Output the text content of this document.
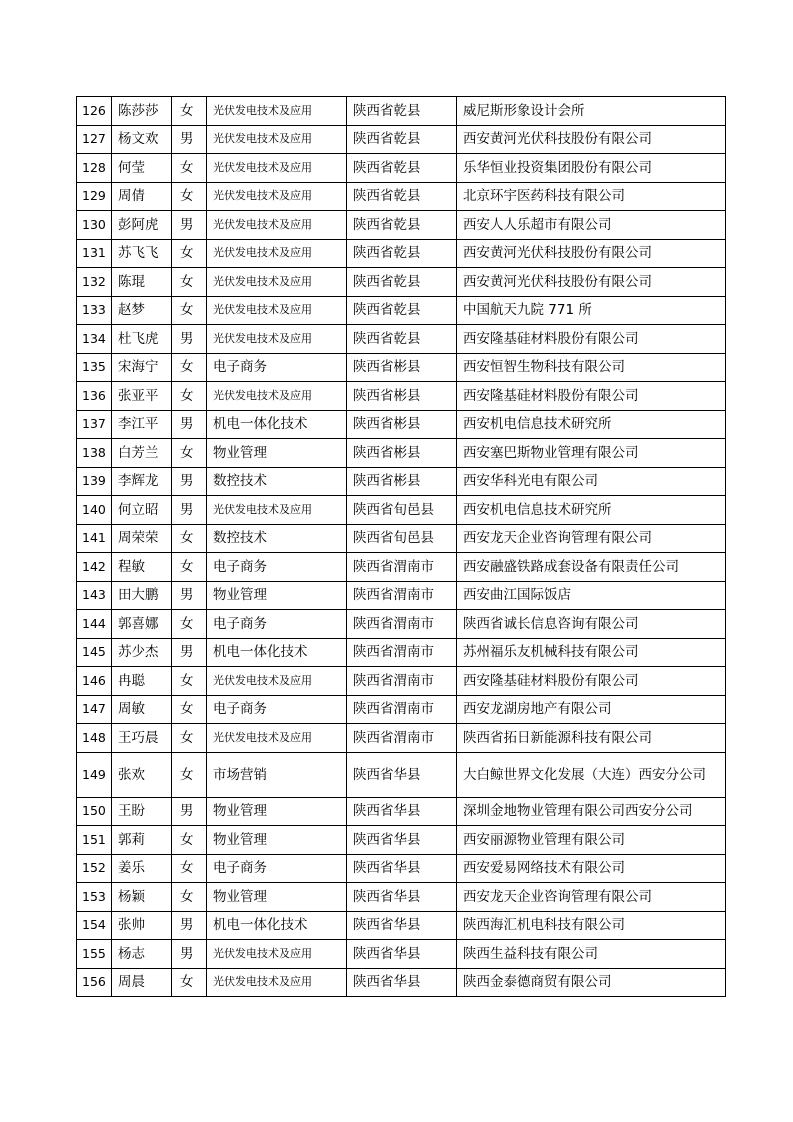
126	陈莎莎	女	光伏发电技术及应用	陕西省乾县	威尼斯形象设计会所
127	杨文欢	男	光伏发电技术及应用	陕西省乾县	西安黄河光伏科技股份有限公司
128	何莹	女	光伏发电技术及应用	陕西省乾县	乐华恒业投资集团股份有限公司
129	周倩	女	光伏发电技术及应用	陕西省乾县	北京环宇医药科技有限公司
130	彭阿虎	男	光伏发电技术及应用	陕西省乾县	西安人人乐超市有限公司
131	苏飞飞	女	光伏发电技术及应用	陕西省乾县	西安黄河光伏科技股份有限公司
132	陈琨	女	光伏发电技术及应用	陕西省乾县	西安黄河光伏科技股份有限公司
133	赵梦	女	光伏发电技术及应用	陕西省乾县	中国航天九院 771 所
134	杜飞虎	男	光伏发电技术及应用	陕西省乾县	西安隆基硅材料股份有限公司
135	宋海宁	女	电子商务	陕西省彬县	西安恒智生物科技有限公司
136	张亚平	女	光伏发电技术及应用	陕西省彬县	西安隆基硅材料股份有限公司
137	李江平	男	机电一体化技术	陕西省彬县	西安机电信息技术研究所
138	白芳兰	女	物业管理	陕西省彬县	西安塞巴斯物业管理有限公司
139	李辉龙	男	数控技术	陕西省彬县	西安华科光电有限公司
140	何立昭	男	光伏发电技术及应用	陕西省旬邑县	西安机电信息技术研究所
141	周荣荣	女	数控技术	陕西省旬邑县	西安龙天企业咨询管理有限公司
142	程敏	女	电子商务	陕西省渭南市	西安融盛铁路成套设备有限责任公司
143	田大鹏	男	物业管理	陕西省渭南市	西安曲江国际饭店
144	郭喜娜	女	电子商务	陕西省渭南市	陕西省诚长信息咨询有限公司
145	苏少杰	男	机电一体化技术	陕西省渭南市	苏州福乐友机械科技有限公司
146	冉聪	女	光伏发电技术及应用	陕西省渭南市	西安隆基硅材料股份有限公司
147	周敏	女	电子商务	陕西省渭南市	西安龙湖房地产有限公司
148	王巧晨	女	光伏发电技术及应用	陕西省渭南市	陕西省拓日新能源科技有限公司
149	张欢	女	市场营销	陕西省华县	大白鲸世界文化发展（大连）西安分公司
150	王盼	男	物业管理	陕西省华县	深圳金地物业管理有限公司西安分公司
151	郭莉	女	物业管理	陕西省华县	西安丽源物业管理有限公司
152	姜乐	女	电子商务	陕西省华县	西安爱易网络技术有限公司
153	杨颖	女	物业管理	陕西省华县	西安龙天企业咨询管理有限公司
154	张帅	男	机电一体化技术	陕西省华县	陕西海汇机电科技有限公司
155	杨志	男	光伏发电技术及应用	陕西省华县	陕西生益科技有限公司
156	周晨	女	光伏发电技术及应用	陕西省华县	陕西金泰德商贸有限公司
